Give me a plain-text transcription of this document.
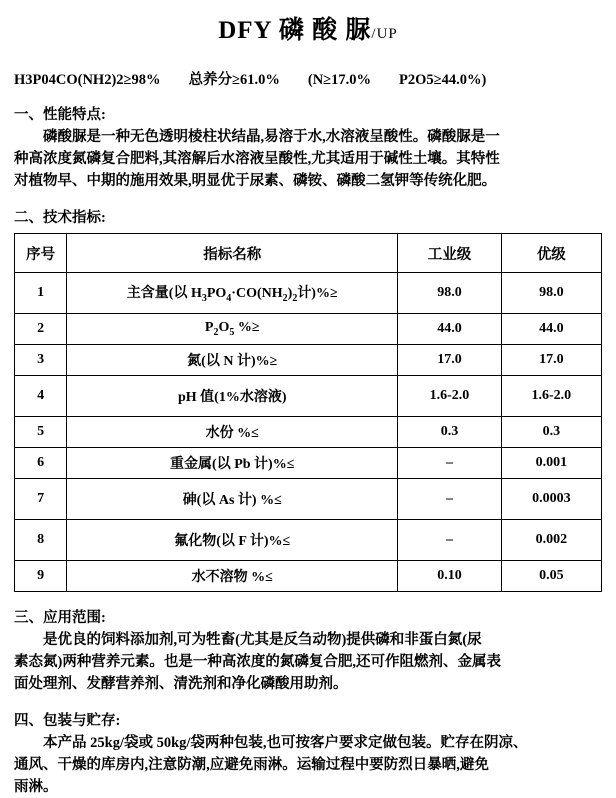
DFY 磷 酸 脲/UP
H3P04CO(NH2)2≥98% 总养分≥61.0% (N≥17.0% P2O5≥44.0%)
一、性能特点:
磷酸脲是一种无色透明棱柱状结晶,易溶于水,水溶液呈酸性。磷酸脲是一
种高浓度氮磷复合肥料,其溶解后水溶液呈酸性,尤其适用于碱性土壤。其特性
对植物早、中期的施用效果,明显优于尿素、磷铵、磷酸二氢钾等传统化肥。
二、技术指标:
序号	指标名称	工业级	优级
1	主含量(以 $H_3PO_4\cdot CO(NH_2)_2$计)%≥	98.0	98.0
2	$P_2O_5$ %≥	44.0	44.0
3	氮(以 N 计)%≥	17.0	17.0
4	pH 值(1%水溶液)	1.6-2.0	1.6-2.0
5	水份 %≤	0.3	0.3
6	重金属(以 Pb 计)%≤	–	0.001
7	砷(以 As 计) %≤	–	0.0003
8	氟化物(以 F 计)%≤	–	0.002
9	水不溶物 %≤	0.10	0.05
三、应用范围:
是优良的饲料添加剂,可为牲畜(尤其是反刍动物)提供磷和非蛋白氮(尿
素态氮)两种营养元素。也是一种高浓度的氮磷复合肥,还可作阻燃剂、金属表
面处理剂、发酵营养剂、清洗剂和净化磷酸用助剂。
四、包装与贮存:
本产品 25kg/袋或 50kg/袋两种包装,也可按客户要求定做包装。贮存在阴凉、
通风、干燥的库房内,注意防潮,应避免雨淋。运输过程中要防烈日暴晒,避免
雨淋。
